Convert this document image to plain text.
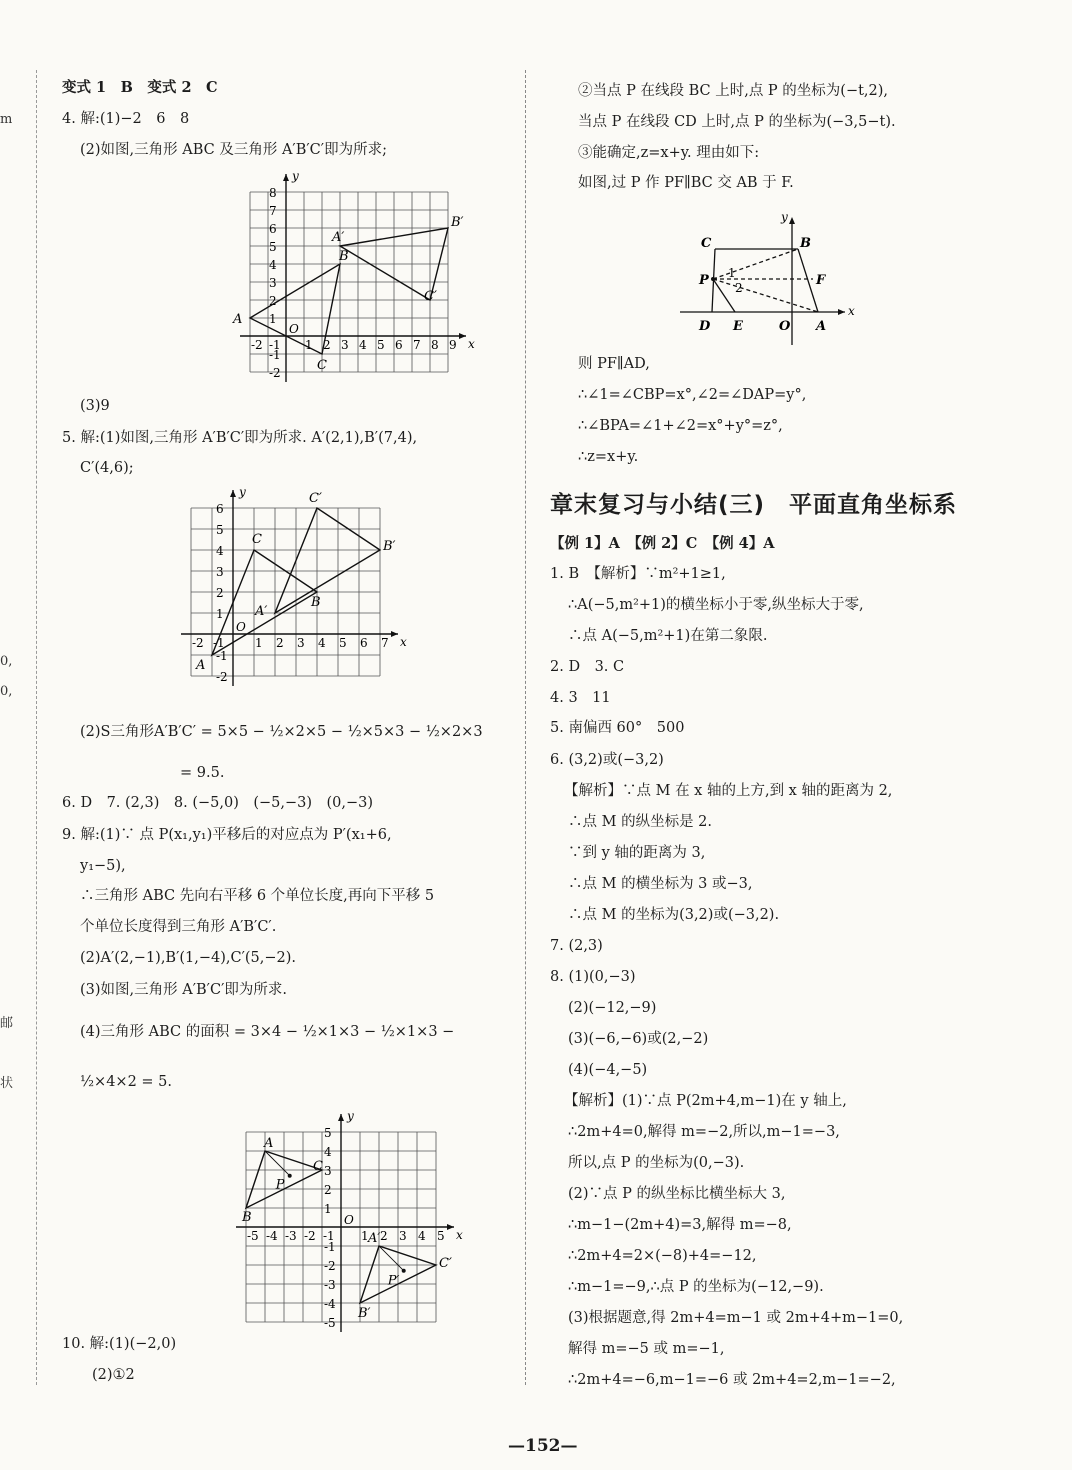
m
0,
0,
邮
状
变式 1　B　变式 2　C
4. 解:(1)−2　6　8
(2)如图,三角形 ABC 及三角形 A′B′C′即为所求;
x
y
O
-2 -1 1 2 3 4 5 6 7 8 9
-2
-1
1
2
3
4
5
6
7
8
A
B
C
A′
B′
C′
(3)9
5. 解:(1)如图,三角形 A′B′C′即为所求. A′(2,1),B′(7,4),
C′(4,6);
x
y
O
-2 -1	1 2 3 4 5 6 7
-2
-1
1
2
3
4
5
6
A
B
C
A′
B′
C′
(2)S三角形A′B′C′ = 5×5 − ½×2×5 − ½×5×3 − ½×2×3
= 9.5.
6. D　7. (2,3)　8. (−5,0)　(−5,−3)　(0,−3)
9. 解:(1)∵ 点 P(x₁,y₁)平移后的对应点为 P′(x₁+6,
y₁−5),
∴三角形 ABC 先向右平移 6 个单位长度,再向下平移 5
个单位长度得到三角形 A′B′C′.
(2)A′(2,−1),B′(1,−4),C′(5,−2).
(3)如图,三角形 A′B′C′即为所求.
(4)三角形 ABC 的面积 = 3×4 − ½×1×3 − ½×1×3 −
½×4×2 = 5.
x
y
O
-5 -4 -3 -2 -1 1 2 3 4 5
-5
-4
-3
-2
-1
1
2
3
4
5
A
B
C
A′
B′
C′
P
P′
10. 解:(1)(−2,0)
(2)①2
②当点 P 在线段 BC 上时,点 P 的坐标为(−t,2),
当点 P 在线段 CD 上时,点 P 的坐标为(−3,5−t).
③能确定,z=x+y. 理由如下:
如图,过 P 作 PF∥BC 交 AB 于 F.
x
y
C	B
P	F
D E	O A
1
2
则 PF∥AD,
∴∠1=∠CBP=x°,∠2=∠DAP=y°,
∴∠BPA=∠1+∠2=x°+y°=z°,
∴z=x+y.
章末复习与小结(三)　平面直角坐标系
【例 1】A　【例 2】C　【例 4】A
1. B　【解析】∵m²+1≥1,
∴A(−5,m²+1)的横坐标小于零,纵坐标大于零,
∴点 A(−5,m²+1)在第二象限.
2. D　3. C
4. 3　11
5. 南偏西 60°　500
6. (3,2)或(−3,2)
【解析】∵点 M 在 x 轴的上方,到 x 轴的距离为 2,
∴点 M 的纵坐标是 2.
∵到 y 轴的距离为 3,
∴点 M 的横坐标为 3 或−3,
∴点 M 的坐标为(3,2)或(−3,2).
7. (2,3)
8. (1)(0,−3)
(2)(−12,−9)
(3)(−6,−6)或(2,−2)
(4)(−4,−5)
【解析】(1)∵点 P(2m+4,m−1)在 y 轴上,
∴2m+4=0,解得 m=−2,所以,m−1=−3,
所以,点 P 的坐标为(0,−3).
(2)∵点 P 的纵坐标比横坐标大 3,
∴m−1−(2m+4)=3,解得 m=−8,
∴2m+4=2×(−8)+4=−12,
∴m−1=−9,∴点 P 的坐标为(−12,−9).
(3)根据题意,得 2m+4=m−1 或 2m+4+m−1=0,
解得 m=−5 或 m=−1,
∴2m+4=−6,m−1=−6 或 2m+4=2,m−1=−2,
—152—
